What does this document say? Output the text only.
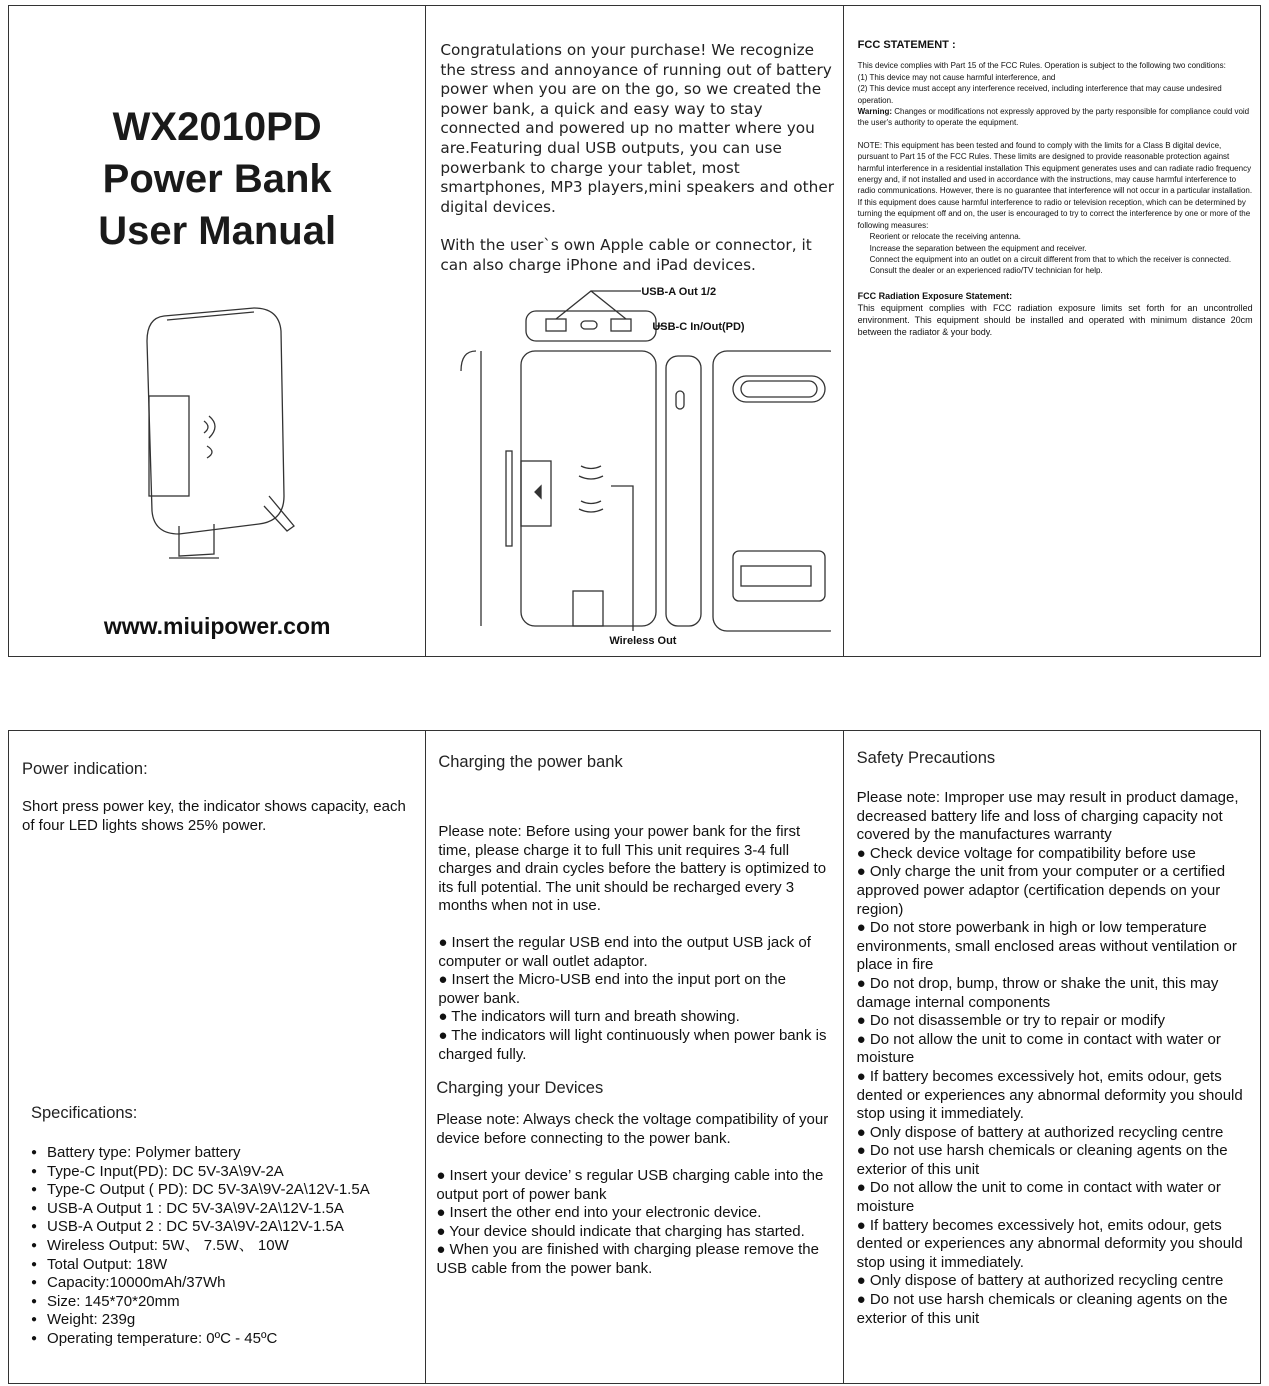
WX2010PD
Power Bank
User Manual
www.miuipower.com

Congratulations on your purchase! We recognize the stress and annoyance of running out of battery power when you are on the go, so we created the power bank, a quick and easy way to stay connected and powered up no matter where you are.Featuring dual USB outputs, you can use powerbank to charge your tablet, most smartphones, MP3 players,mini speakers and other digital devices.

With the user`s own Apple cable or connector, it can also charge iPhone and iPad devices.

USB-A Out 1/2
USB-C In/Out(PD)
Wireless Out
FCC STATEMENT :

This device complies with Part 15 of the FCC Rules. Operation is subject to the following two conditions:

(1) This device may not cause harmful interference, and

(2) This device must accept any interference received, including interference that may cause undesired operation.

Warning: Changes or modifications not expressly approved by the party responsible for compliance could void the user's authority to operate the equipment.

NOTE: This equipment has been tested and found to comply with the limits for a Class B digital device, pursuant to Part 15 of the FCC Rules. These limits are designed to provide reasonable protection against harmful interference in a residential installation This equipment generates uses and can radiate radio frequency energy and, if not installed and used in accordance with the instructions, may cause harmful interference to radio communications. However, there is no guarantee that interference will not occur in a particular installation. If this equipment does cause harmful interference to radio or television reception, which can be determined by turning the equipment off and on, the user is encouraged to try to correct the interference by one or more of the following measures:

Reorient or relocate the receiving antenna.

Increase the separation between the equipment and receiver.

Connect the equipment into an outlet on a circuit different from that to which the receiver is connected.

Consult the dealer or an experienced radio/TV technician for help.

FCC Radiation Exposure Statement:

This equipment complies with FCC radiation exposure limits set forth for an uncontrolled environment. This equipment should be installed and operated with minimum distance 20cm between the radiator & your body.

Power indication:
Short press power key, the indicator shows capacity, each of four LED lights shows 25% power.
Specifications:
● Battery type: Polymer battery
● Type-C Input(PD): DC 5V-3A\9V-2A
● Type-C Output ( PD): DC 5V-3A\9V-2A\12V-1.5A
● USB-A Output 1 : DC 5V-3A\9V-2A\12V-1.5A
● USB-A Output 2 : DC 5V-3A\9V-2A\12V-1.5A
● Wireless Output: 5W、 7.5W、 10W
● Total Output: 18W
● Capacity:10000mAh/37Wh
● Size: 145*70*20mm
● Weight: 239g
● Operating temperature: 0ºC - 45ºC
Charging the power bank
Please note: Before using your power bank for the first time, please charge it to full This unit requires 3-4 full charges and drain cycles before the battery is optimized to its full potential. The unit should be recharged every 3 months when not in use.
● Insert the regular USB end into the output USB jack of computer or wall outlet adaptor.
● Insert the Micro-USB end into the input port on the power bank.
● The indicators will turn and breath showing.
● The indicators will light continuously when power bank is charged fully.
Charging your Devices
Please note: Always check the voltage compatibility of your device before connecting to the power bank.
● Insert your device’ s regular USB charging cable into the output port of power bank
● Insert the other end into your electronic device.
● Your device should indicate that charging has started.
● When you are finished with charging please remove the USB cable from the power bank.
Safety Precautions
Please note: Improper use may result in product damage, decreased battery life and loss of charging capacity not covered by the manufactures warranty
● Check device voltage for compatibility before use
● Only charge the unit from your computer or a certified approved power adaptor (certification depends on your region)
● Do not store powerbank in high or low temperature environments, small enclosed areas without ventilation or place in fire
● Do not drop, bump, throw or shake the unit, this may damage internal components
● Do not disassemble or try to repair or modify
● Do not allow the unit to come in contact with water or moisture
● If battery becomes excessively hot, emits odour, gets dented or experiences any abnormal deformity you should stop using it immediately.
● Only dispose of battery at authorized recycling centre
● Do not use harsh chemicals or cleaning agents on the exterior of this unit
● Do not allow the unit to come in contact with water or moisture
● If battery becomes excessively hot, emits odour, gets dented or experiences any abnormal deformity you should stop using it immediately.
● Only dispose of battery at authorized recycling centre
● Do not use harsh chemicals or cleaning agents on the exterior of this unit
